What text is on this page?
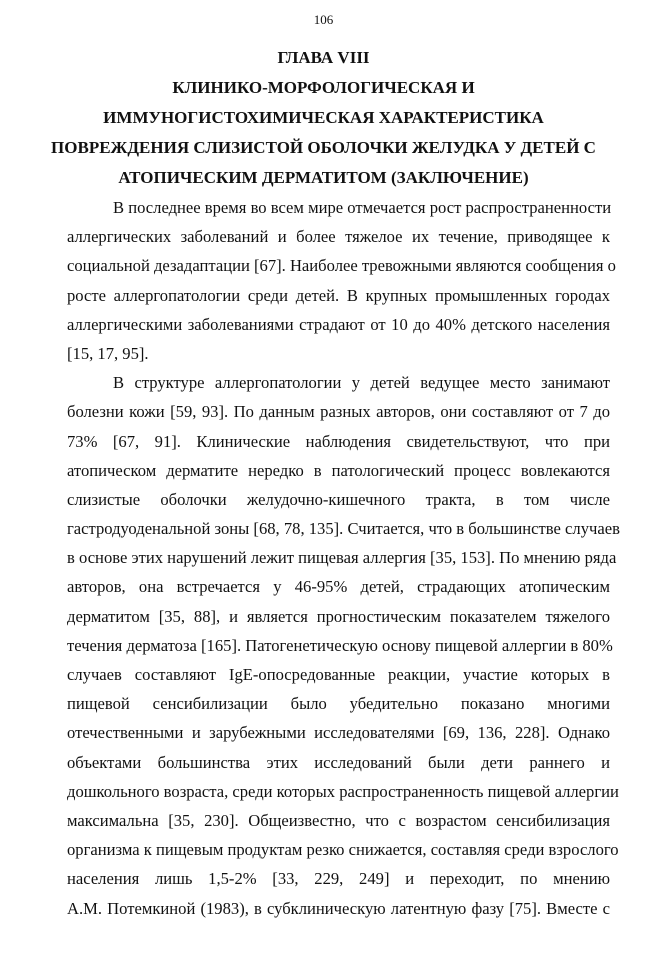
106
ГЛАВА VIII
КЛИНИКО-МОРФОЛОГИЧЕСКАЯ И
ИММУНОГИСТОХИМИЧЕСКАЯ ХАРАКТЕРИСТИКА
ПОВРЕЖДЕНИЯ СЛИЗИСТОЙ ОБОЛОЧКИ ЖЕЛУДКА У ДЕТЕЙ С
АТОПИЧЕСКИМ ДЕРМАТИТОМ (ЗАКЛЮЧЕНИЕ)
В последнее время во всем мире отмечается рост распространенности
аллергических заболеваний и более тяжелое их течение, приводящее к
социальной дезадаптации [67]. Наиболее тревожными являются сообщения о
росте аллергопатологии среди детей. В крупных промышленных городах
аллергическими заболеваниями страдают от 10 до 40% детского населения
[15, 17, 95].
В структуре аллергопатологии у детей ведущее место занимают
болезни кожи [59, 93]. По данным разных авторов, они составляют от 7 до
73% [67, 91]. Клинические наблюдения свидетельствуют, что при
атопическом дерматите нередко в патологический процесс вовлекаются
слизистые оболочки желудочно-кишечного тракта, в том числе
гастродуоденальной зоны [68, 78, 135]. Считается, что в большинстве случаев
в основе этих нарушений лежит пищевая аллергия [35, 153]. По мнению ряда
авторов, она встречается у 46-95% детей, страдающих атопическим
дерматитом [35, 88], и является прогностическим показателем тяжелого
течения дерматоза [165]. Патогенетическую основу пищевой аллергии в 80%
случаев составляют IgE-опосредованные реакции, участие которых в
пищевой сенсибилизации было убедительно показано многими
отечественными и зарубежными исследователями [69, 136, 228]. Однако
объектами большинства этих исследований были дети раннего и
дошкольного возраста, среди которых распространенность пищевой аллергии
максимальна [35, 230]. Общеизвестно, что с возрастом сенсибилизация
организма к пищевым продуктам резко снижается, составляя среди взрослого
населения лишь 1,5-2% [33, 229, 249] и переходит, по мнению
А.М. Потемкиной (1983), в субклиническую латентную фазу [75]. Вместе с
